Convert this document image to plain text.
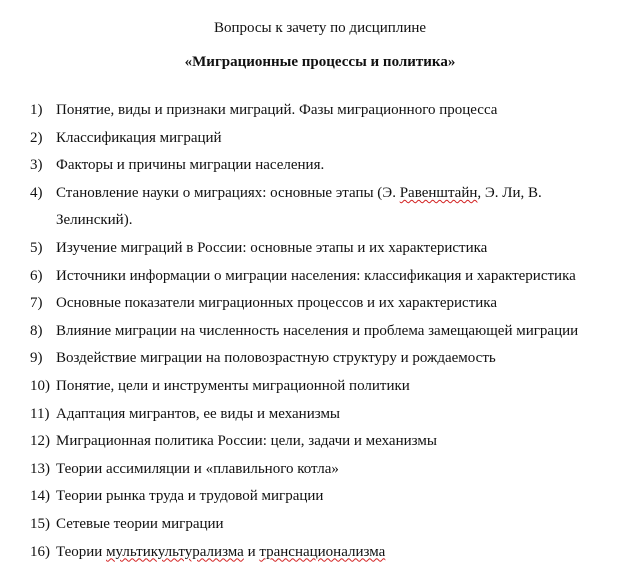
Вопросы к зачету по дисциплине
«Миграционные процессы и политика»
1) Понятие, виды и признаки миграций. Фазы миграционного процесса
2) Классификация миграций
3) Факторы и причины миграции населения.
4) Становление науки о миграциях: основные этапы (Э. Равенштайн, Э. Ли, В.
Зелинский).
5) Изучение миграций в России: основные этапы и их характеристика
6) Источники информации о миграции населения: классификация и характеристика
7) Основные показатели миграционных процессов и их характеристика
8) Влияние миграции на численность населения и проблема замещающей миграции
9) Воздействие миграции на половозрастную структуру и рождаемость
10) Понятие, цели и инструменты миграционной политики
11) Адаптация мигрантов, ее виды и механизмы
12) Миграционная политика России: цели, задачи и механизмы
13) Теории ассимиляции и «плавильного котла»
14) Теории рынка труда и трудовой миграции
15) Сетевые теории миграции
16) Теории мультикультурализма и транснационализма
